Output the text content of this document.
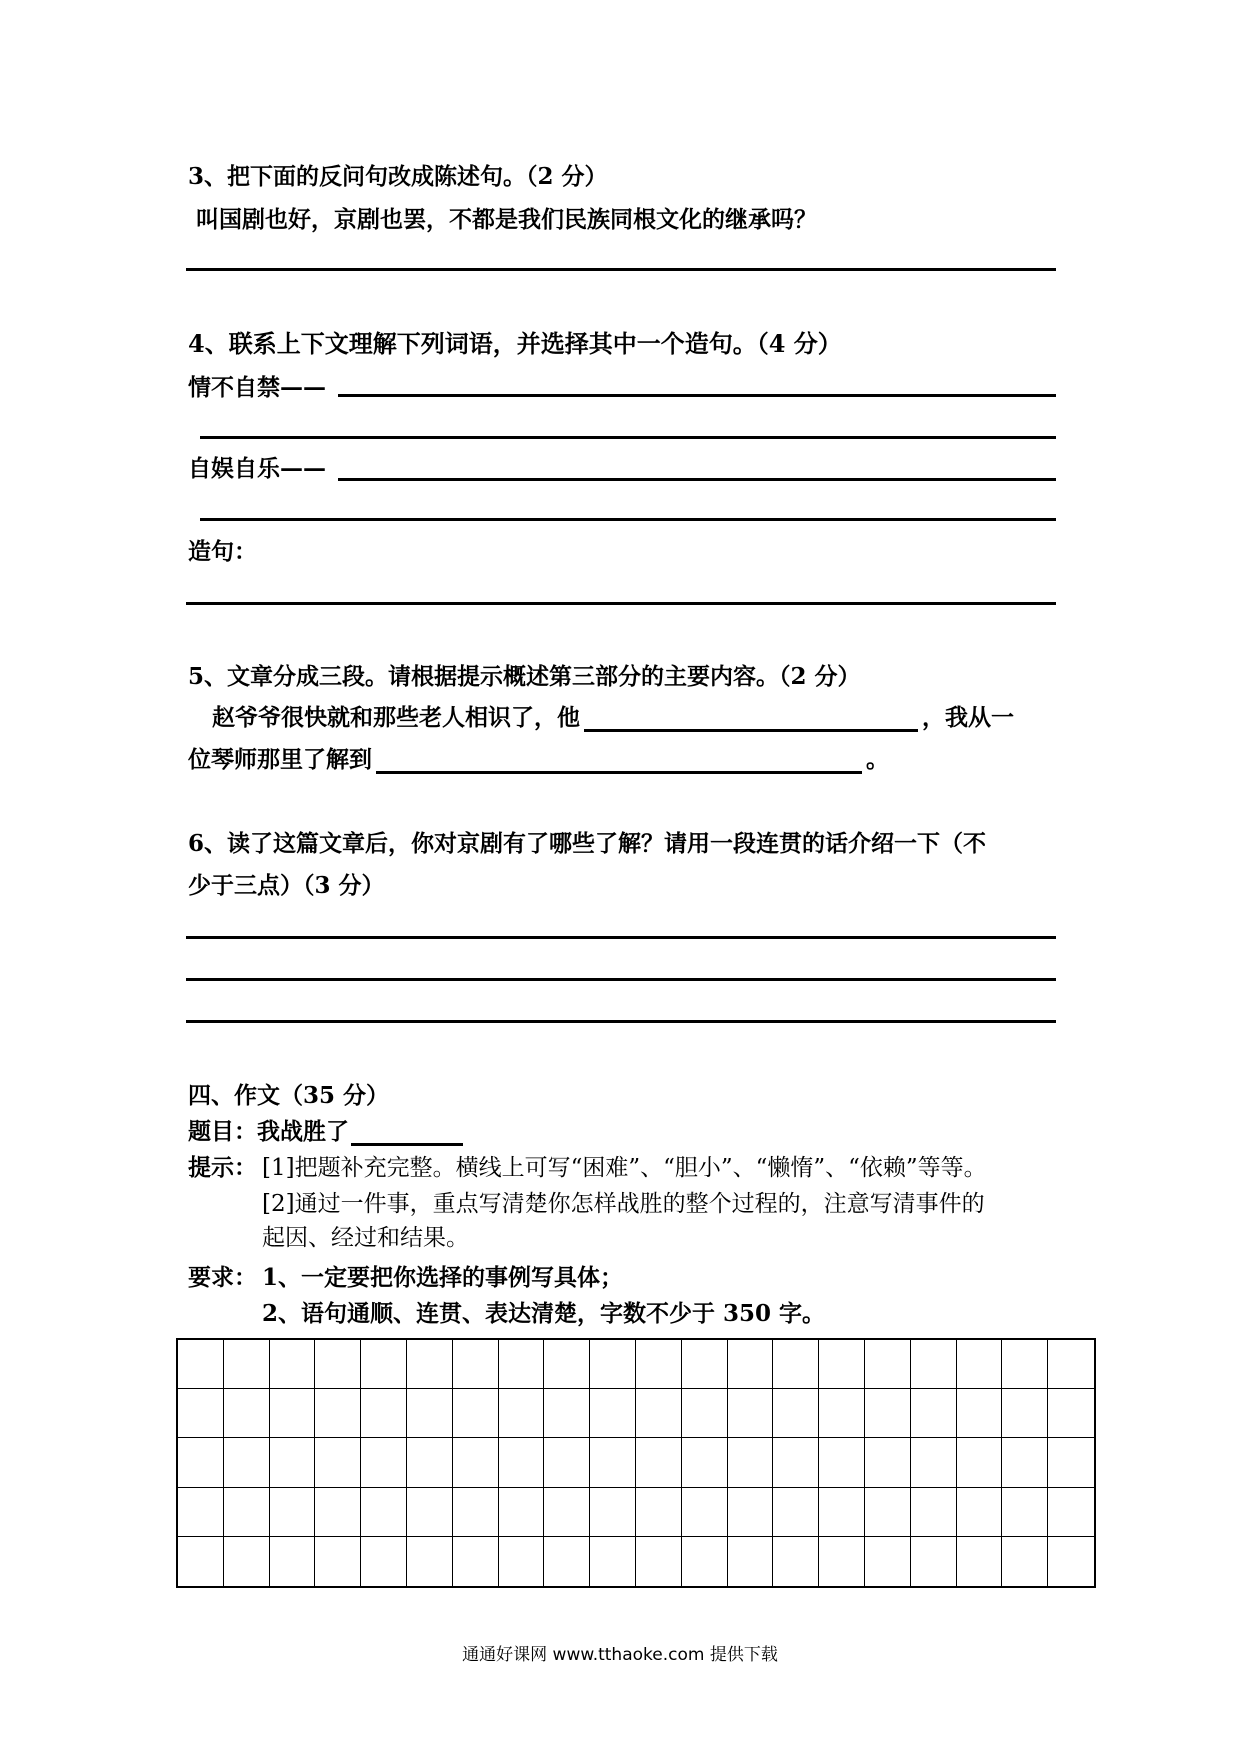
3、把下面的反问句改成陈述句。（2 分）
叫国剧也好，京剧也罢，不都是我们民族同根文化的继承吗？
4、联系上下文理解下列词语，并选择其中一个造句。（4 分）
情不自禁——
自娱自乐——
造句：
5、文章分成三段。请根据提示概述第三部分的主要内容。（2 分）
赵爷爷很快就和那些老人相识了，他	，我从一
位琴师那里了解到	。
6、读了这篇文章后，你对京剧有了哪些了解？请用一段连贯的话介绍一下（不
少于三点）（3 分）
四、作文（35 分）
题目：我战胜了
提示： [1]把题补充完整。横线上可写“困难”、“胆小”、“懒惰”、“依赖”等等。
[2]通过一件事，重点写清楚你怎样战胜的整个过程的，注意写清事件的
起因、经过和结果。
要求： 1、一定要把你选择的事例写具体；
2、语句通顺、连贯、表达清楚，字数不少于 350 字。
通通好课网 www.tthaoke.com 提供下载
